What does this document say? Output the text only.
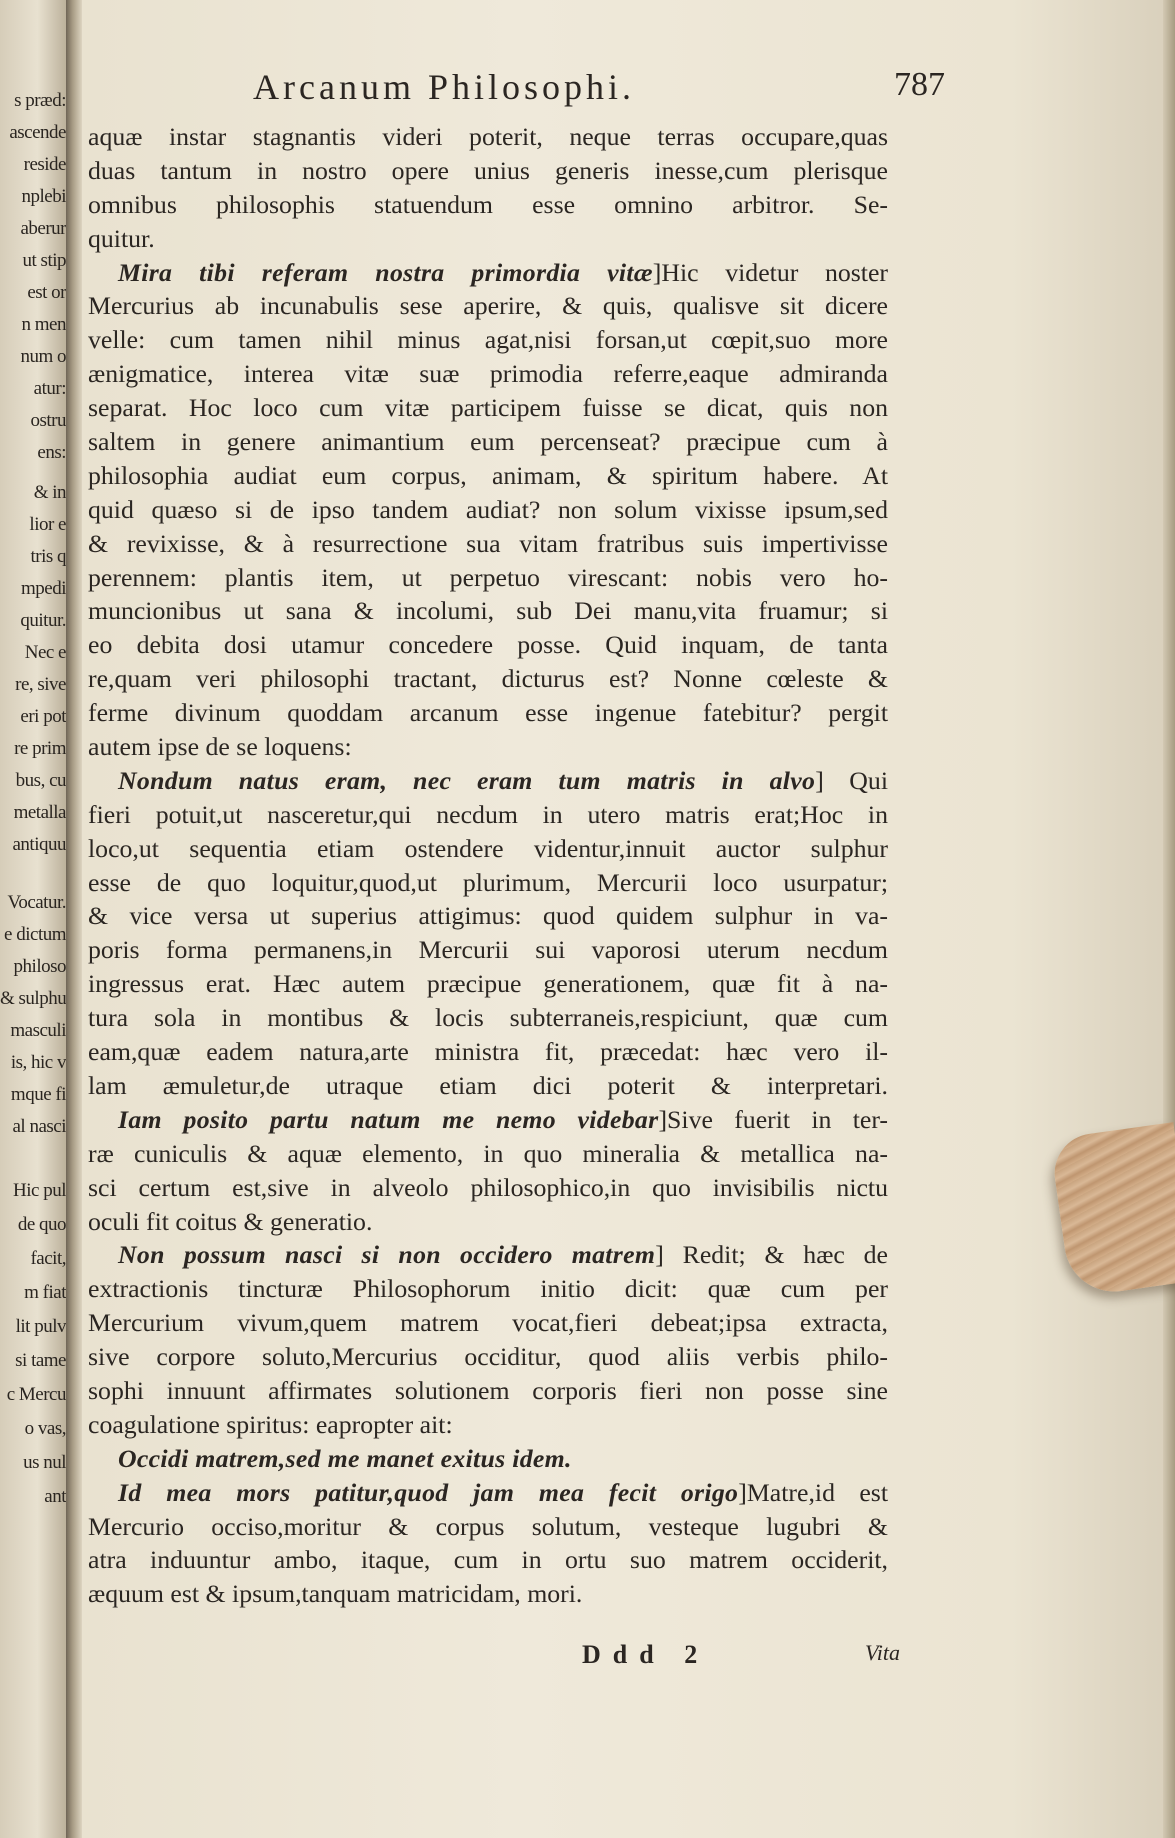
s præd:
ascende
reside
nplebi
aberur
ut stip
est or
n men
num o
atur:
ostru
ens:
& in
lior e
tris q
mpedi
quitur.
Nec e
re, sive
eri pot
re prim
bus, cu
metalla
antiquu
Vocatur.
e dictum
philoso
& sulphu
masculi
is, hic v
mque fi
al nasci
Hic pul
de quo
facit,
m fiat
lit pulv
si tame
c Mercu
o vas,
us nul
ant
Arcanum Philosophi.	787
aquæ instar stagnantis videri poterit, neque terras occupare,quas
duas tantum in nostro opere unius generis inesse,cum plerisque
omnibus philosophis statuendum esse omnino arbitror. Se-
quitur.
Mira tibi referam nostra primordia vitæ]Hic videtur noster
Mercurius ab incunabulis sese aperire, & quis, qualisve sit dicere
velle: cum tamen nihil minus agat,nisi forsan,ut cœpit,suo more
ænigmatice, interea vitæ suæ primodia referre,eaque admiranda
separat. Hoc loco cum vitæ participem fuisse se dicat, quis non
saltem in genere animantium eum percenseat? præcipue cum à
philosophia audiat eum corpus, animam, & spiritum habere. At
quid quæso si de ipso tandem audiat? non solum vixisse ipsum,sed
& revixisse, & à resurrectione sua vitam fratribus suis impertivisse
perennem: plantis item, ut perpetuo virescant: nobis vero ho-
muncionibus ut sana & incolumi, sub Dei manu,vita fruamur; si
eo debita dosi utamur concedere posse. Quid inquam, de tanta
re,quam veri philosophi tractant, dicturus est? Nonne cœleste &
ferme divinum quoddam arcanum esse ingenue fatebitur? pergit
autem ipse de se loquens:
Nondum natus eram, nec eram tum matris in alvo] Qui
fieri potuit,ut nasceretur,qui necdum in utero matris erat;Hoc in
loco,ut sequentia etiam ostendere videntur,innuit auctor sulphur
esse de quo loquitur,quod,ut plurimum, Mercurii loco usurpatur;
& vice versa ut superius attigimus: quod quidem sulphur in va-
poris forma permanens,in Mercurii sui vaporosi uterum necdum
ingressus erat. Hæc autem præcipue generationem, quæ fit à na-
tura sola in montibus & locis subterraneis,respiciunt, quæ cum
eam,quæ eadem natura,arte ministra fit, præcedat: hæc vero il-
lam æmuletur,de utraque etiam dici poterit & interpretari.
Iam posito partu natum me nemo videbar]Sive fuerit in ter-
ræ cuniculis & aquæ elemento, in quo mineralia & metallica na-
sci certum est,sive in alveolo philosophico,in quo invisibilis nictu
oculi fit coitus & generatio.
Non possum nasci si non occidero matrem] Redit; & hæc de
extractionis tincturæ Philosophorum initio dicit: quæ cum per
Mercurium vivum,quem matrem vocat,fieri debeat;ipsa extracta,
sive corpore soluto,Mercurius occiditur, quod aliis verbis philo-
sophi innuunt affirmates solutionem corporis fieri non posse sine
coagulatione spiritus: eapropter ait:
Occidi matrem,sed me manet exitus idem.
Id mea mors patitur,quod jam mea fecit origo]Matre,id est
Mercurio occiso,moritur & corpus solutum, vesteque lugubri &
atra induuntur ambo, itaque, cum in ortu suo matrem occiderit,
æquum est & ipsum,tanquam matricidam, mori.
Ddd 2	Vita
